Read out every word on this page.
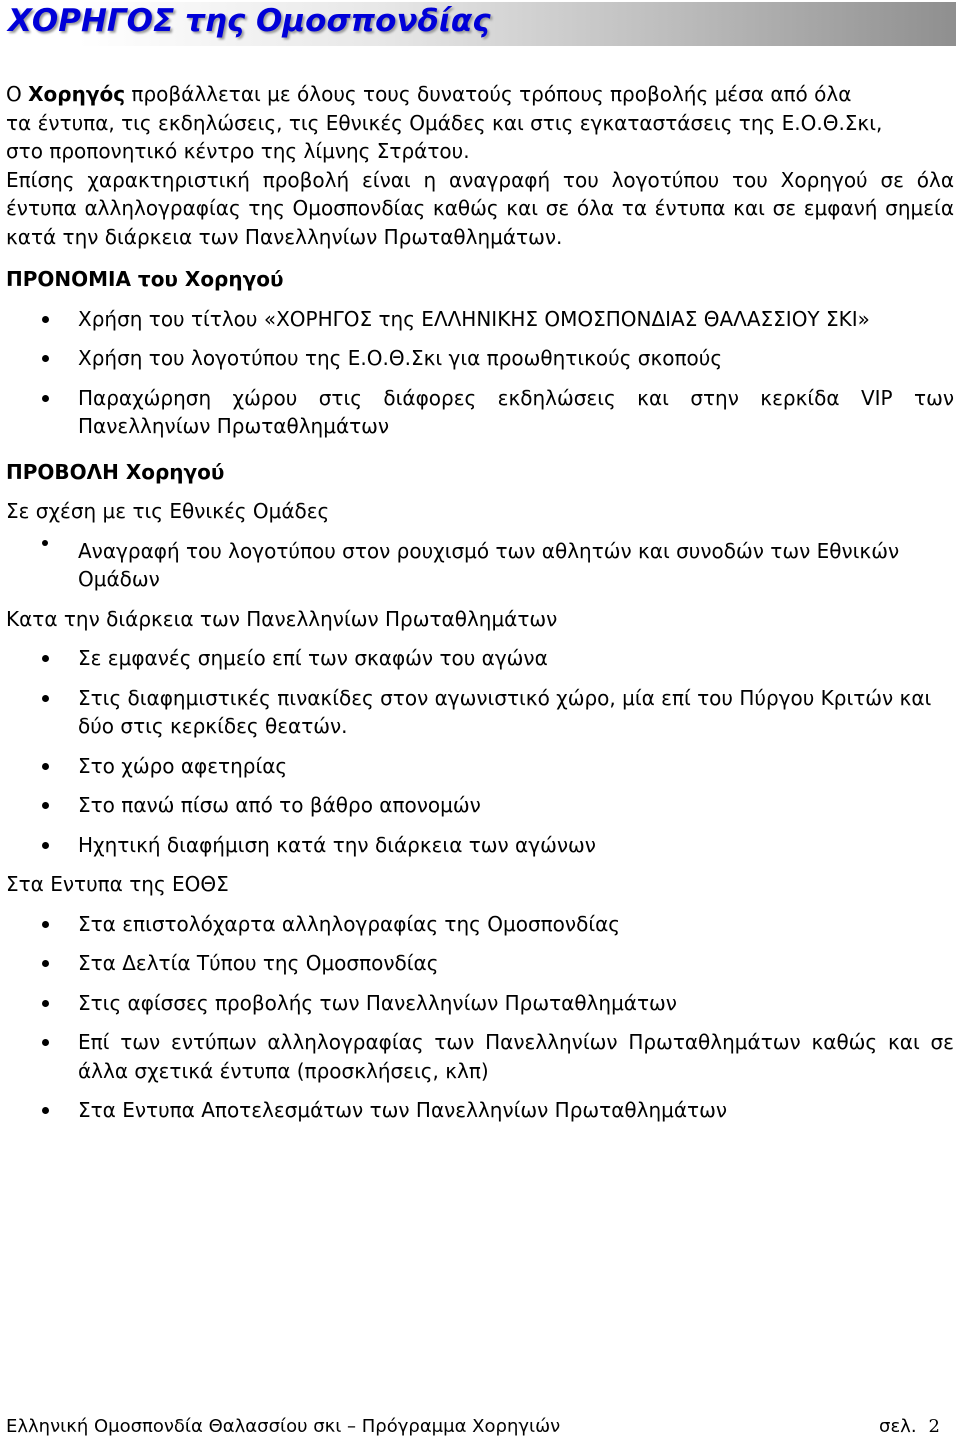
ΧΟΡΗΓΟΣ της Ομοσπονδίας

Ο Χορηγός προβάλλεται με όλους τους δυνατούς τρόπους προβολής μέσα από όλα

τα έντυπα, τις εκδηλώσεις, τις Εθνικές Ομάδες και στις εγκαταστάσεις της Ε.Ο.Θ.Σκι,

στο προπονητικό κέντρο της λίμνης Στράτου.

Επίσης χαρακτηριστική προβολή είναι η αναγραφή του λογοτύπου του Χορηγού σε όλα έντυπα αλληλογραφίας της Ομοσπονδίας καθώς και σε όλα τα έντυπα και σε εμφανή σημεία κατά την διάρκεια των Πανελληνίων Πρωταθλημάτων.

ΠΡΟΝΟΜΙΑ του Χορηγού

Χρήση του τίτλου «ΧΟΡΗΓΟΣ της ΕΛΛΗΝΙΚΗΣ ΟΜΟΣΠΟΝΔΙΑΣ ΘΑΛΑΣΣΙΟΥ ΣΚΙ»
Χρήση του λογοτύπου της Ε.Ο.Θ.Σκι για προωθητικούς σκοπούς
Παραχώρηση χώρου στις διάφορες εκδηλώσεις και στην κερκίδα VIP των Πανελληνίων Πρωταθλημάτων

ΠΡΟΒΟΛΗ Χορηγού

Σε σχέση με τις Εθνικές Ομάδες

Αναγραφή του λογοτύπου στον ρουχισμό των αθλητών και συνοδών των Εθνικών Ομάδων

Κατα την διάρκεια των Πανελληνίων Πρωταθλημάτων

Σε εμφανές σημείο επί των σκαφών του αγώνα
Στις διαφημιστικές πινακίδες στον αγωνιστικό χώρο, μία επί του Πύργου Κριτών και δύο στις κερκίδες θεατών.
Στο χώρο αφετηρίας
Στο πανώ πίσω από το βάθρο απονομών
Ηχητική διαφήμιση κατά την διάρκεια των αγώνων

Στα Εντυπα της ΕΟΘΣ

Στα επιστολόχαρτα αλληλογραφίας της Ομοσπονδίας
Στα Δελτία Τύπου της Ομοσπονδίας
Στις αφίσσες προβολής των Πανελληνίων Πρωταθλημάτων
Επί των εντύπων αλληλογραφίας των Πανελληνίων Πρωταθλημάτων καθώς και σε άλλα σχετικά έντυπα (προσκλήσεις, κλπ)
Στα Εντυπα Αποτελεσμάτων των Πανελληνίων Πρωταθλημάτων
Ελληνική Ομοσπονδία Θαλασσίου σκι – Πρόγραμμα Χορηγιών	σελ. 2
